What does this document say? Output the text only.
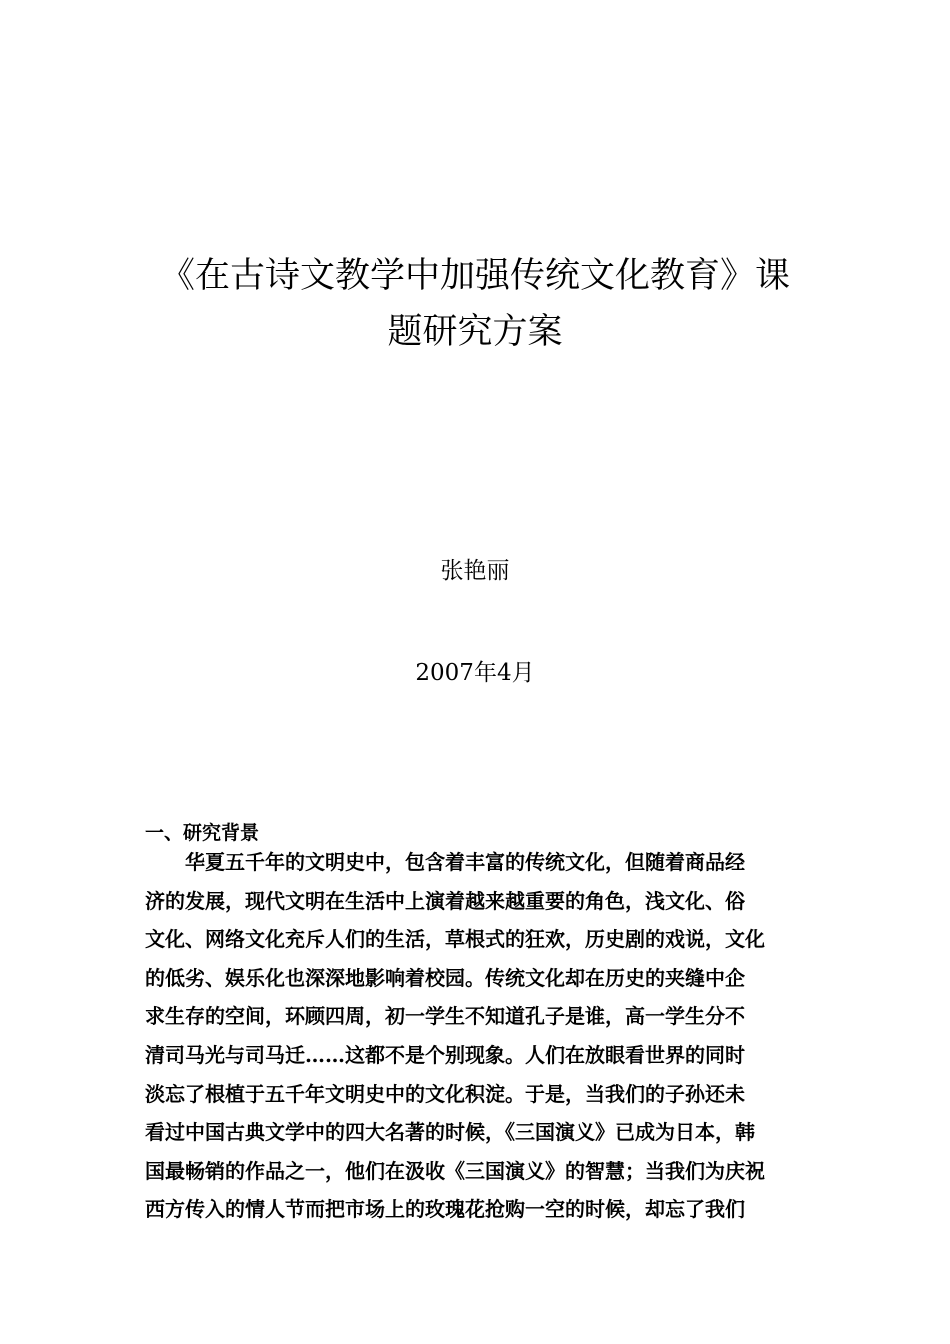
《在古诗文教学中加强传统文化教育》课
题研究方案
张艳丽
2007年4月
一、研究背景

华夏五千年的文明史中，包含着丰富的传统文化，但随着商品经
济的发展，现代文明在生活中上演着越来越重要的角色，浅文化、俗
文化、网络文化充斥人们的生活，草根式的狂欢，历史剧的戏说，文化
的低劣、娱乐化也深深地影响着校园。传统文化却在历史的夹缝中企
求生存的空间，环顾四周，初一学生不知道孔子是谁，高一学生分不
清司马光与司马迁……这都不是个别现象。人们在放眼看世界的同时
淡忘了根植于五千年文明史中的文化积淀。于是，当我们的子孙还未
看过中国古典文学中的四大名著的时候，《三国演义》已成为日本，韩
国最畅销的作品之一，他们在汲收《三国演义》的智慧；当我们为庆祝
西方传入的情人节而把市场上的玫瑰花抢购一空的时候，却忘了我们
